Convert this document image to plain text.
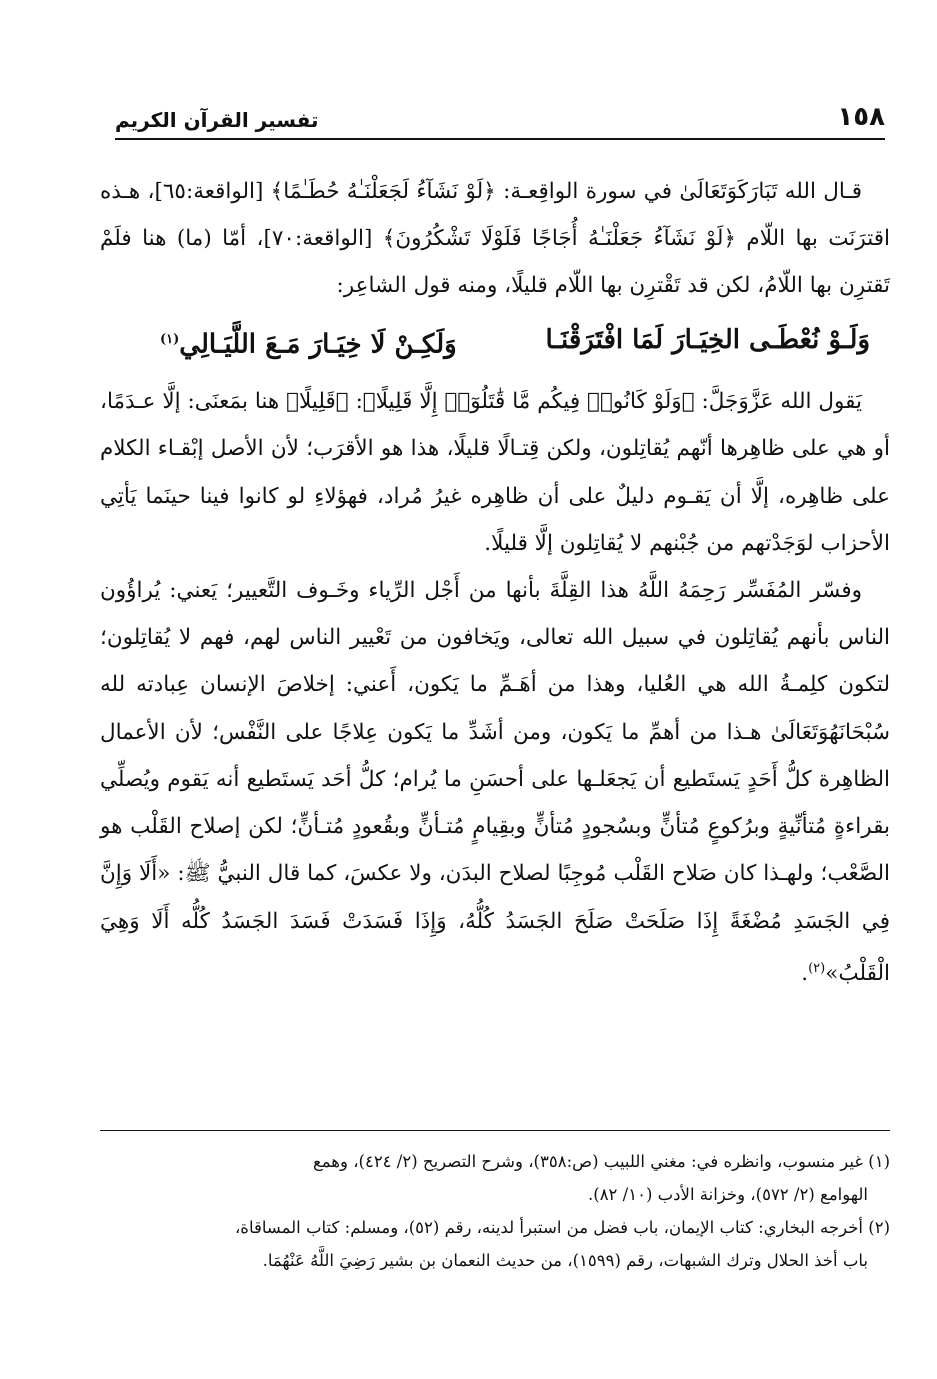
١٥٨
تفسير القرآن الكريم

قـال الله تَبَارَكَوَتَعَالَىٰ في سورة الواقِعـة: ﴿لَوْ نَشَآءُ لَجَعَلْنَـٰهُ حُطَـٰمًا﴾ [الواقعة:٦٥]، هـذه اقترَنَت بها اللّام ﴿لَوْ نَشَآءُ جَعَلْنَـٰهُ أُجَاجًا فَلَوْلَا تَشْكُرُونَ﴾ [الواقعة:٧٠]، أمّا (ما) هنا فلَمْ تَقترِن بها اللّامُ، لكن قد تَقْترِن بها اللّام قليلًا، ومنه قول الشاعِر:

وَلَـوْ نُعْطَـى الخِيَـارَ لَمَا افْتَرَقْنَـا
وَلَكِـنْ لَا خِيَـارَ مَـعَ اللَّيَـالِي$^{(١)}$

يَقول الله عَزَّوَجَلَّ: ﴿وَلَوْ كَانُوا۟ فِيكُم مَّا قَٰتَلُوٓا۟ إِلَّا قَلِيلًا﴾: ﴿قَلِيلًا﴾ هنا بمَعنَى: إلَّا عـدَمًا، أو هي على ظاهِرها أنّهم يُقاتِلون، ولكن قِتـالًا قليلًا، هذا هو الأقرَب؛ لأن الأصل إبْقـاء الكلام على ظاهِره، إلَّا أن يَقـوم دليلٌ على أن ظاهِره غيرُ مُراد، فهؤلاءِ لو كانوا فينا حينَما يَأتِي الأحزاب لوَجَدْتهم من جُبْنهم لا يُقاتِلون إلَّا قليلًا.

وفسّر المُفَسِّر رَحِمَهُ اللَّهُ هذا القِلَّةَ بأنها من أَجْل الرِّياء وخَـوف التَّعيير؛ يَعني: يُراؤُون الناس بأنهم يُقاتِلون في سبيل الله تعالى، ويَخافون من تَعْيير الناس لهم، فهم لا يُقاتِلون؛ لتكون كلِمـةُ الله هي العُليا، وهذا من أهَـمِّ ما يَكون، أَعني: إخلاصَ الإنسان عِبادته لله سُبْحَانَهُوَتَعَالَىٰ هـذا من أهمِّ ما يَكون، ومن أشَدِّ ما يَكون عِلاجًا على النَّفْس؛ لأن الأعمال الظاهِرة كلُّ أَحَدٍ يَستَطيع أن يَجعَلـها على أحسَنِ ما يُرام؛ كلُّ أحَد يَستَطيع أنه يَقوم ويُصلِّي بقراءةٍ مُتأنِّيةٍ وبرُكوعٍ مُتأنٍّ وبسُجودٍ مُتأنٍّ وبقِيامٍ مُتـأنٍّ وبقُعودٍ مُتـأنٍّ؛ لكن إصلاح القَلْب هو الصَّعْب؛ ولهـذا كان صَلاح القَلْب مُوجِبًا لصلاح البدَن، ولا عكسَ، كما قال النبيُّ ﷺ: «أَلَا وَإِنَّ فِي الجَسَدِ مُضْغَةً إِذَا صَلَحَتْ صَلَحَ الجَسَدُ كُلُّهُ، وَإِذَا فَسَدَتْ فَسَدَ الجَسَدُ كُلُّه أَلَا وَهِيَ الْقَلْبُ»$^{(٢)}$.

(١) غير منسوب، وانظره في: مغني اللبيب (ص:٣٥٨)، وشرح التصريح (٢/ ٤٢٤)، وهمع
الهوامع (٢/ ٥٧٢)، وخزانة الأدب (١٠/ ٨٢).

(٢) أخرجه البخاري: كتاب الإيمان، باب فضل من استبرأ لدينه، رقم (٥٢)، ومسلم: كتاب المساقاة،
باب أخذ الحلال وترك الشبهات، رقم (١٥٩٩)، من حديث النعمان بن بشير رَضِيَ اللَّهُ عَنْهُمَا.
